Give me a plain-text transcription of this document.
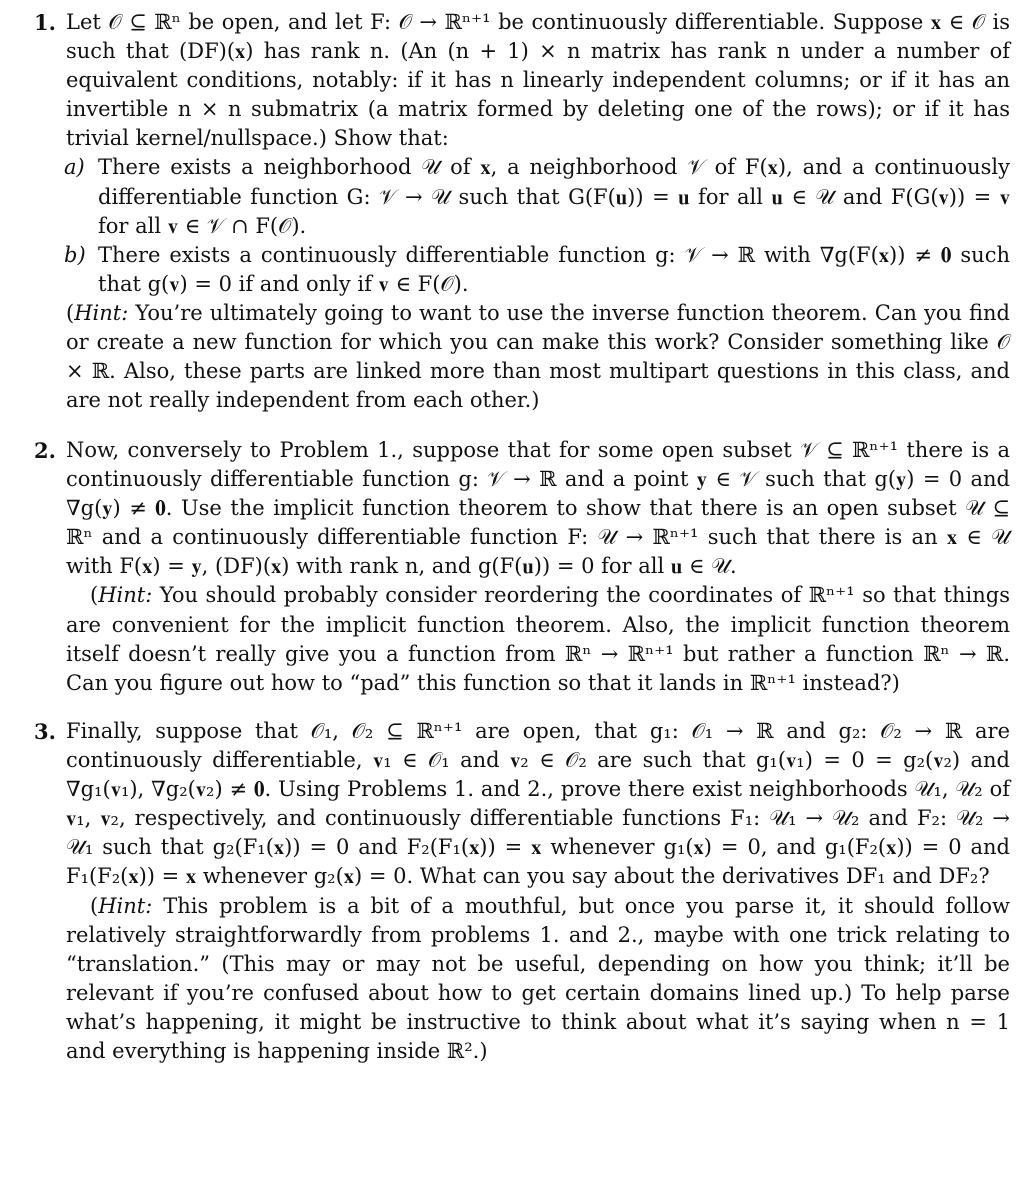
1. Let 𝒪 ⊆ ℝⁿ be open, and let F: 𝒪 → ℝⁿ⁺¹ be continuously differentiable. Suppose 𝐱 ∈ 𝒪 is such that (DF)(𝐱) has rank n. (An (n + 1) × n matrix has rank n under a number of equivalent conditions, notably: if it has n linearly independent columns; or if it has an invertible n × n submatrix (a matrix formed by deleting one of the rows); or if it has trivial kernel/nullspace.) Show that:

a) There exists a neighborhood 𝒰 of 𝐱, a neighborhood 𝒱 of F(𝐱), and a continuously differentiable function G: 𝒱 → 𝒰 such that G(F(𝐮)) = 𝐮 for all 𝐮 ∈ 𝒰 and F(G(𝐯)) = 𝐯 for all 𝐯 ∈ 𝒱 ∩ F(𝒪).

b) There exists a continuously differentiable function g: 𝒱 → ℝ with ∇g(F(𝐱)) ≠ 𝟎 such that g(𝐯) = 0 if and only if 𝐯 ∈ F(𝒪).

(Hint: You’re ultimately going to want to use the inverse function theorem. Can you find or create a new function for which you can make this work? Consider something like 𝒪 × ℝ. Also, these parts are linked more than most multipart questions in this class, and are not really independent from each other.)

2. Now, conversely to Problem 1., suppose that for some open subset 𝒱 ⊆ ℝⁿ⁺¹ there is a continuously differentiable function g: 𝒱 → ℝ and a point 𝐲 ∈ 𝒱 such that g(𝐲) = 0 and ∇g(𝐲) ≠ 𝟎. Use the implicit function theorem to show that there is an open subset 𝒰 ⊆ ℝⁿ and a continuously differentiable function F: 𝒰 → ℝⁿ⁺¹ such that there is an 𝐱 ∈ 𝒰 with F(𝐱) = 𝐲, (DF)(𝐱) with rank n, and g(F(𝐮)) = 0 for all 𝐮 ∈ 𝒰.

(Hint: You should probably consider reordering the coordinates of ℝⁿ⁺¹ so that things are convenient for the implicit function theorem. Also, the implicit function theorem itself doesn’t really give you a function from ℝⁿ → ℝⁿ⁺¹ but rather a function ℝⁿ → ℝ. Can you figure out how to “pad” this function so that it lands in ℝⁿ⁺¹ instead?)

3. Finally, suppose that 𝒪₁, 𝒪₂ ⊆ ℝⁿ⁺¹ are open, that g₁: 𝒪₁ → ℝ and g₂: 𝒪₂ → ℝ are continuously differentiable, 𝐯₁ ∈ 𝒪₁ and 𝐯₂ ∈ 𝒪₂ are such that g₁(𝐯₁) = 0 = g₂(𝐯₂) and ∇g₁(𝐯₁), ∇g₂(𝐯₂) ≠ 𝟎. Using Problems 1. and 2., prove there exist neighborhoods 𝒰₁, 𝒰₂ of 𝐯₁, 𝐯₂, respectively, and continuously differentiable functions F₁: 𝒰₁ → 𝒰₂ and F₂: 𝒰₂ → 𝒰₁ such that g₂(F₁(𝐱)) = 0 and F₂(F₁(𝐱)) = 𝐱 whenever g₁(𝐱) = 0, and g₁(F₂(𝐱)) = 0 and F₁(F₂(𝐱)) = 𝐱 whenever g₂(𝐱) = 0. What can you say about the derivatives DF₁ and DF₂?

(Hint: This problem is a bit of a mouthful, but once you parse it, it should follow relatively straightforwardly from problems 1. and 2., maybe with one trick relating to “translation.” (This may or may not be useful, depending on how you think; it’ll be relevant if you’re confused about how to get certain domains lined up.) To help parse what’s happening, it might be instructive to think about what it’s saying when n = 1 and everything is happening inside ℝ².)
